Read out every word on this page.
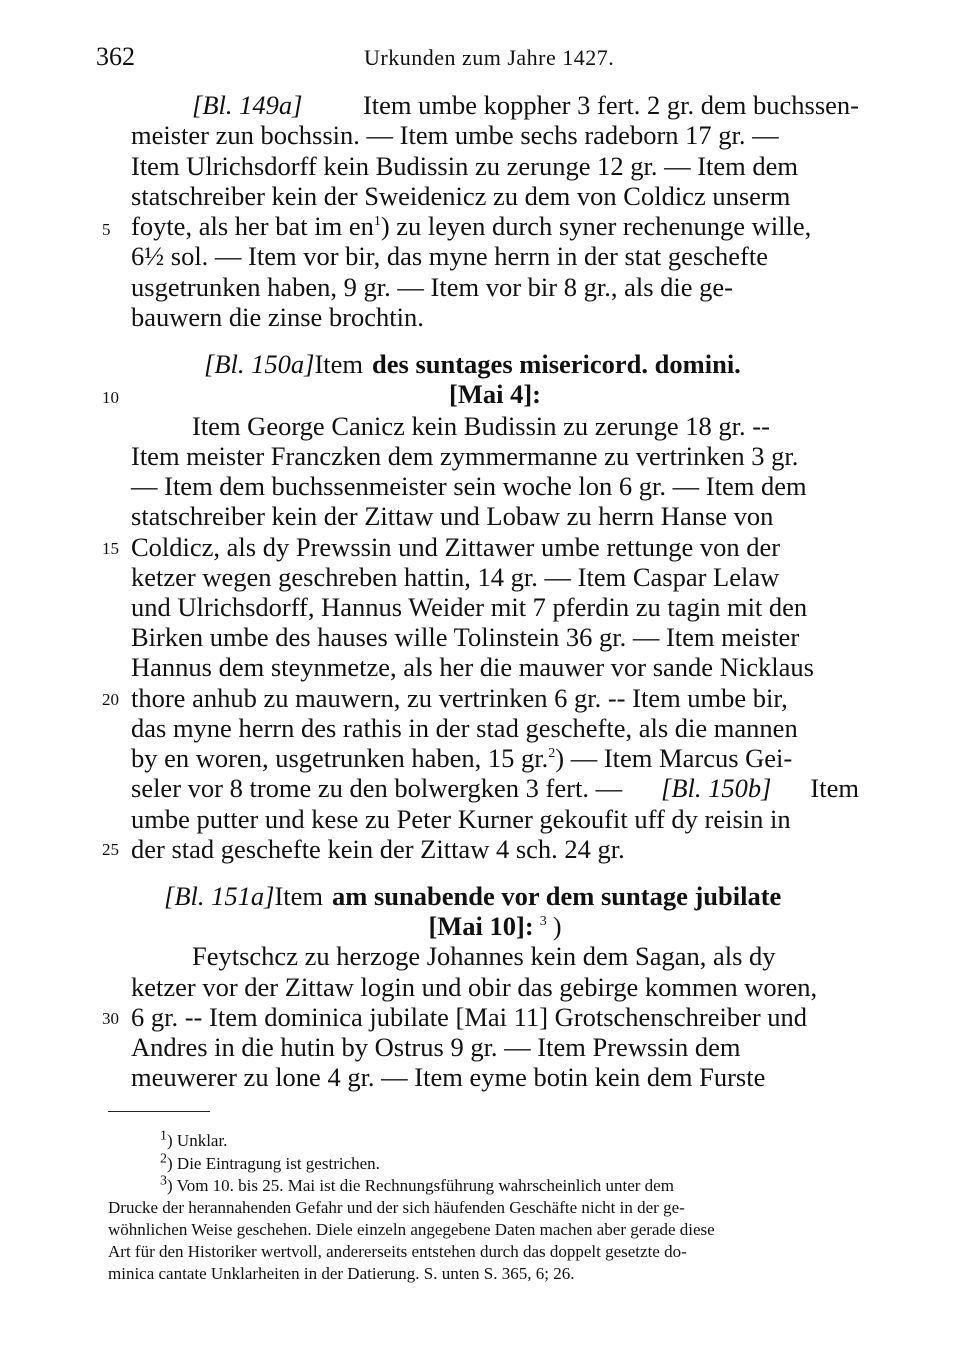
362	Urkunden zum Jahre 1427.
5
10
15
20
25
30
[Bl. 149a] Item umbe koppher 3 fert. 2 gr. dem buchssen-
meister zun bochssin. — Item umbe sechs radeborn 17 gr. —
Item Ulrichsdorff kein Budissin zu zerunge 12 gr. — Item dem
statschreiber kein der Sweidenicz zu dem von Coldicz unserm
foyte, als her bat im $en^1$) zu leyen durch syner rechenunge wille,
6½ sol. — Item vor bir, das myne herrn in der stat geschefte
usgetrunken haben, 9 gr. — Item vor bir 8 gr., als die ge-
bauwern die zinse brochtin.
[Bl. 150a] Item des suntages misericord. domini.
[Mai 4]:
Item George Canicz kein Budissin zu zerunge 18 gr. --
Item meister Franczken dem zymmermanne zu vertrinken 3 gr.
— Item dem buchssenmeister sein woche lon 6 gr. — Item dem
statschreiber kein der Zittaw und Lobaw zu herrn Hanse von
Coldicz, als dy Prewssin und Zittawer umbe rettunge von der
ketzer wegen geschreben hattin, 14 gr. — Item Caspar Lelaw
und Ulrichsdorff, Hannus Weider mit 7 pferdin zu tagin mit den
Birken umbe des hauses wille Tolinstein 36 gr. — Item meister
Hannus dem steynmetze, als her die mauwer vor sande Nicklaus
thore anhub zu mauwern, zu vertrinken 6 gr. -- Item umbe bir,
das myne herrn des rathis in der stad geschefte, als die mannen
by en woren, usgetrunken haben, 15 gr.$^2$) — Item Marcus Gei-
seler vor 8 trome zu den bolwergken 3 fert. — [Bl. 150b] Item
umbe putter und kese zu Peter Kurner gekoufit uff dy reisin in
der stad geschefte kein der Zittaw 4 sch. 24 gr.
[Bl. 151a] Item am sunabende vor dem suntage jubilate
[Mai 10]: $^3$ )
Feytschcz zu herzoge Johannes kein dem Sagan, als dy
ketzer vor der Zittaw login und obir das gebirge kommen woren,
6 gr. -- Item dominica jubilate [Mai 11] Grotschenschreiber und
Andres in die hutin by Ostrus 9 gr. — Item Prewssin dem
meuwerer zu lone 4 gr. — Item eyme botin kein dem Furste
$^1$) Unklar.
$^2$) Die Eintragung ist gestrichen.
$^3$) Vom 10. bis 25. Mai ist die Rechnungsführung wahrscheinlich unter dem
Drucke der herannahenden Gefahr und der sich häufenden Geschäfte nicht in der ge-
wöhnlichen Weise geschehen. Diele einzeln angegebene Daten machen aber gerade diese
Art für den Historiker wertvoll, andererseits entstehen durch das doppelt gesetzte do-
minica cantate Unklarheiten in der Datierung. S. unten S. 365, 6; 26.
